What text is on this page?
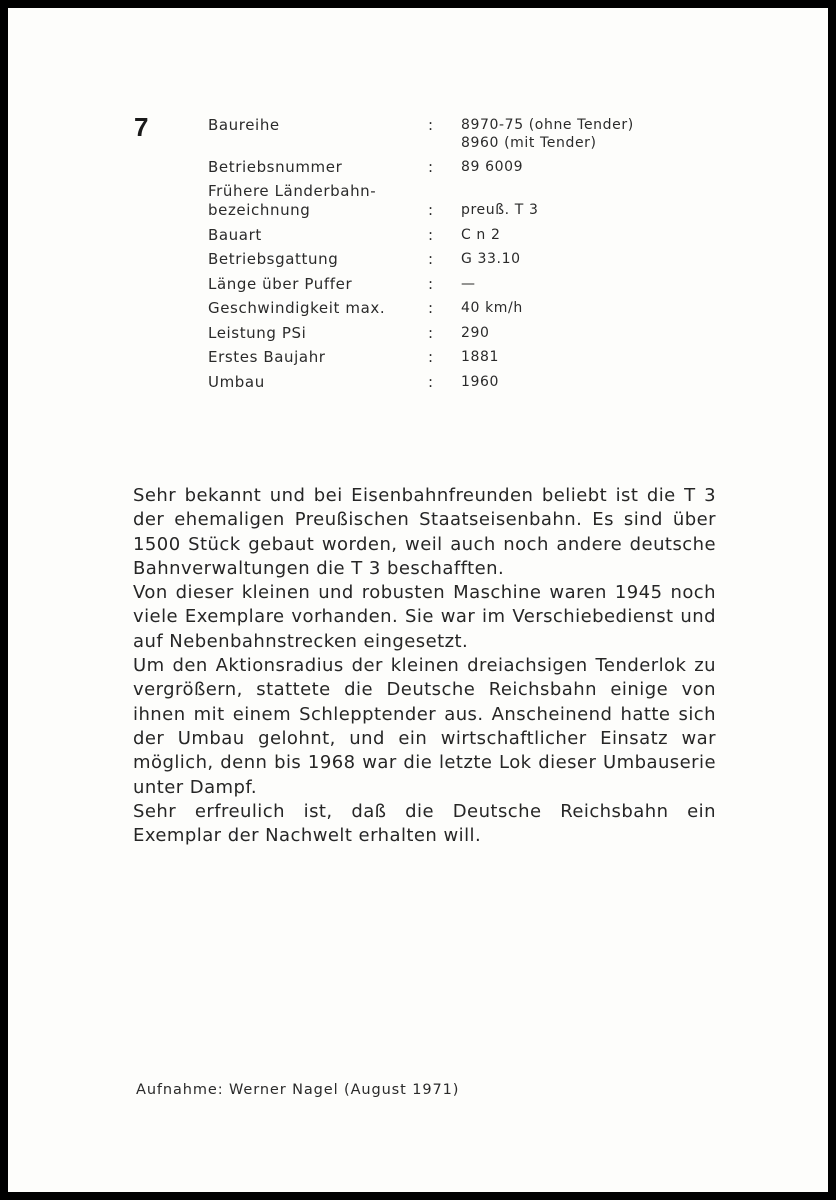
7	Baureihe	:	8970-75 (ohne Tender)
8960 (mit Tender)
Betriebsnummer	:	89 6009
Frühere Länderbahn-
bezeichnung	:	preuß. T 3
Bauart	:	C n 2
Betriebsgattung	:	G 33.10
Länge über Puffer	:	—
Geschwindigkeit max.	:	40 km/h
Leistung PSi	:	290
Erstes Baujahr	:	1881
Umbau	:	1960

Sehr bekannt und bei Eisenbahnfreunden beliebt ist die T 3 der ehemaligen Preußischen Staatseisenbahn. Es sind über 1500 Stück gebaut worden, weil auch noch andere deutsche Bahnverwaltungen die T 3 beschafften.

Von dieser kleinen und robusten Maschine waren 1945 noch viele Exemplare vorhanden. Sie war im Verschiebedienst und auf Nebenbahnstrecken eingesetzt.

Um den Aktionsradius der kleinen dreiachsigen Tenderlok zu vergrößern, stattete die Deutsche Reichsbahn einige von ihnen mit einem Schlepptender aus. Anscheinend hatte sich der Umbau gelohnt, und ein wirtschaftlicher Einsatz war möglich, denn bis 1968 war die letzte Lok dieser Umbauserie unter Dampf.

Sehr erfreulich ist, daß die Deutsche Reichsbahn ein Exemplar der Nachwelt erhalten will.

Aufnahme: Werner Nagel (August 1971)
